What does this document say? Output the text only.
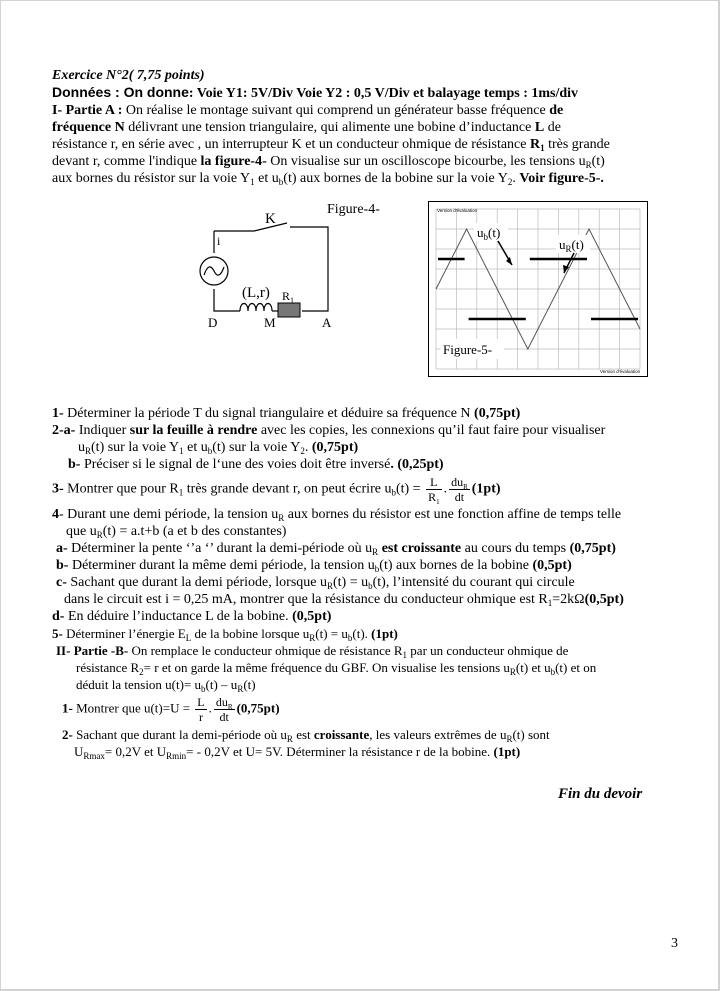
Exercice N°2( 7,75 points)
Données : On donne: Voie Y1: 5V/Div Voie Y2 : 0,5 V/Div et balayage temps : 1ms/div
I- Partie A : On réalise le montage suivant qui comprend un générateur basse fréquence de
fréquence N délivrant une tension triangulaire, qui alimente une bobine d’inductance L de
résistance r, en série avec , un interrupteur K et un conducteur ohmique de résistance $R_1$ très grande
devant r, comme l'indique la figure-4- On visualise sur un oscilloscope bicourbe, les tensions $u_R(t)$
aux bornes du résistor sur la voie $Y_1$ et $u_b(t)$ aux bornes de la bobine sur la voie $Y_2$. Voir figure-5-.
K
i
(L,r) $R_1$
D	M	A
Figure-4-	Version d'évaluation
Version d'évaluation
Figure-5-
$u_b(t)$
$u_R(t)$
1- Déterminer la période T du signal triangulaire et déduire sa fréquence N (0,75pt)
2-a- Indiquer sur la feuille à rendre avec les copies, les connexions qu’il faut faire pour visualiser
$u_R(t)$ sur la voie $Y_1$ et $u_b(t)$ sur la voie $Y_2$. (0,75pt)
b- Préciser si le signal de l‘une des voies doit être inversé. (0,25pt)
3- Montrer que pour $R_1$ très grande devant r, on peut écrire $u_b(t) = \frac{L}{R_1}$ . $\frac{du_R}{dt} (1pt)$
4- Durant une demi période, la tension $u_R$ aux bornes du résistor est une fonction affine de temps telle
que $u_R(t) = a.t+b$ (a et b des constantes)
a- Déterminer la pente ‘’a ‘’ durant la demi-période où $u_R$ est croissante au cours du temps (0,75pt)
b- Déterminer durant la même demi période, la tension $u_b(t)$ aux bornes de la bobine (0,5pt)
c- Sachant que durant la demi période, lorsque $u_R(t) = u_b(t)$, l’intensité du courant qui circule
dans le circuit est i = 0,25 mA, montrer que la résistance du conducteur ohmique est $R_1=2k\Omega(0,5pt)$
d- En déduire l’inductance L de la bobine. (0,5pt)
5- Déterminer l’énergie $E_L$ de la bobine lorsque $u_R(t) = u_b(t)$. (1pt)
II- Partie -B- On remplace le conducteur ohmique de résistance $R_1$ par un conducteur ohmique de
résistance $R_2= r$ et on garde la même fréquence du GBF. On visualise les tensions $u_R(t)$ et $u_b(t)$ et on
déduit la tension $u(t)= u_b(t) - u_R(t)$
1- Montrer que $u(t)=U = \frac{L}{r}$ . $\frac{du_R}{dt} (0,75pt)$
2- Sachant que durant la demi-période où $u_R$ est croissante, les valeurs extrêmes de $u_R(t)$ sont
$U_{Rmax}= 0,2V$ et $U_{Rmin}= - 0,2V$ et U= 5V. Déterminer la résistance r de la bobine. (1pt)
Fin du devoir
3
